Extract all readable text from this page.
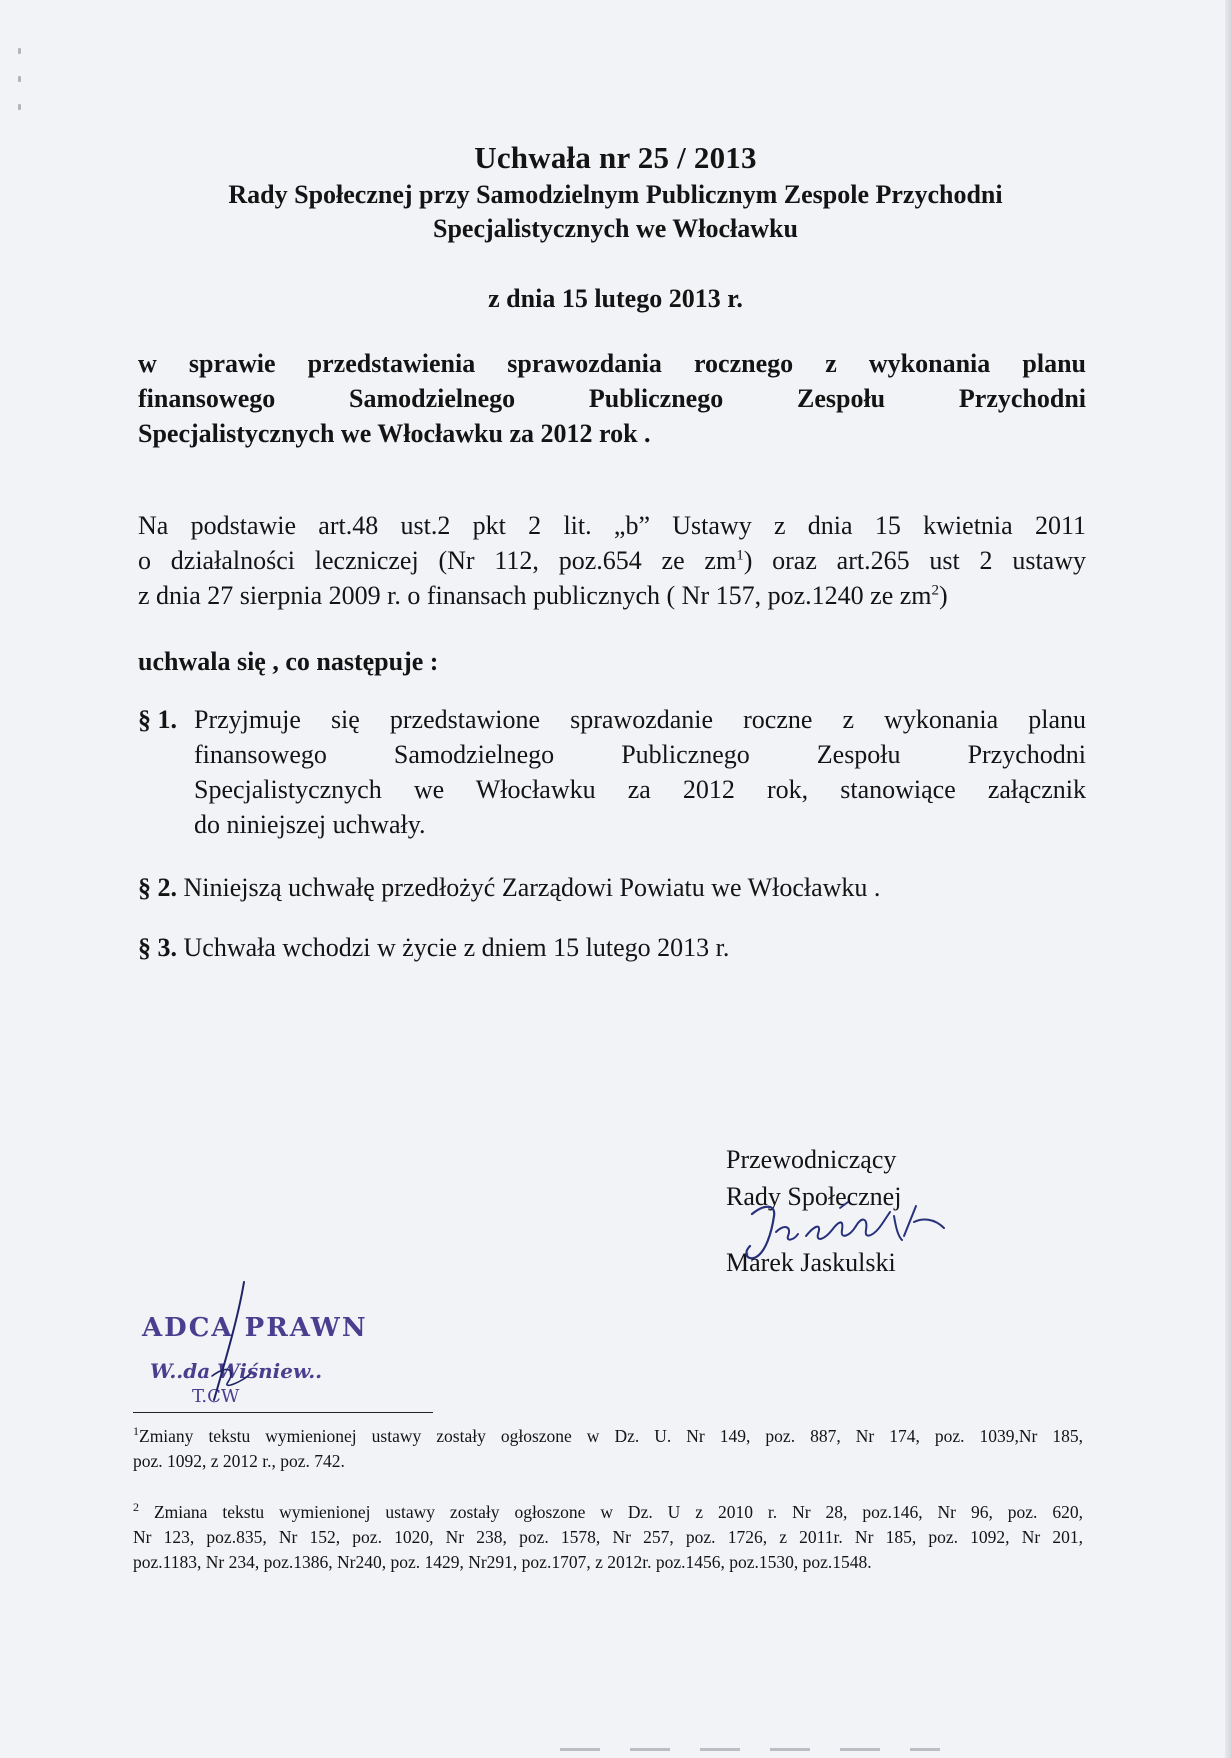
Uchwała nr 25 / 2013
Rady Społecznej przy Samodzielnym Publicznym Zespole Przychodni
Specjalistycznych we Włocławku
z dnia 15 lutego 2013 r.
w sprawie przedstawienia sprawozdania rocznego z wykonania planu
finansowego Samodzielnego Publicznego Zespołu Przychodni
Specjalistycznych we Włocławku za 2012 rok .
Na podstawie art.48 ust.2 pkt 2 lit. „b” Ustawy z dnia 15 kwietnia 2011
o działalności leczniczej (Nr 112, poz.654 ze $zm^1$) oraz art.265 ust 2 ustawy
z dnia 27 sierpnia 2009 r. o finansach publicznych ( Nr 157, poz.1240 ze $zm^2$)
uchwala się , co następuje :
§ 1. Przyjmuje się przedstawione sprawozdanie roczne z wykonania planu
finansowego Samodzielnego Publicznego Zespołu Przychodni
Specjalistycznych we Włocławku za 2012 rok, stanowiące załącznik
do niniejszej uchwały.
§ 2. Niniejszą uchwałę przedłożyć Zarządowi Powiatu we Włocławku .
§ 3. Uchwała wchodzi w życie z dniem 15 lutego 2013 r.
Przewodniczący
Rady Społecznej
Marek Jaskulski
ADCA PRAWN
W..da Wiśniew..
T.CW
$^1$Zmiany tekstu wymienionej ustawy zostały ogłoszone w Dz. U. Nr 149, poz. 887, Nr 174, poz. 1039,Nr 185,
poz. 1092, z 2012 r., poz. 742.
$^2$ Zmiana tekstu wymienionej ustawy zostały ogłoszone w Dz. U z 2010 r. Nr 28, poz.146, Nr 96, poz. 620,
Nr 123, poz.835, Nr 152, poz. 1020, Nr 238, poz. 1578, Nr 257, poz. 1726, z 2011r. Nr 185, poz. 1092, Nr 201,
poz.1183, Nr 234, poz.1386, Nr240, poz. 1429, Nr291, poz.1707, z 2012r. poz.1456, poz.1530, poz.1548.
